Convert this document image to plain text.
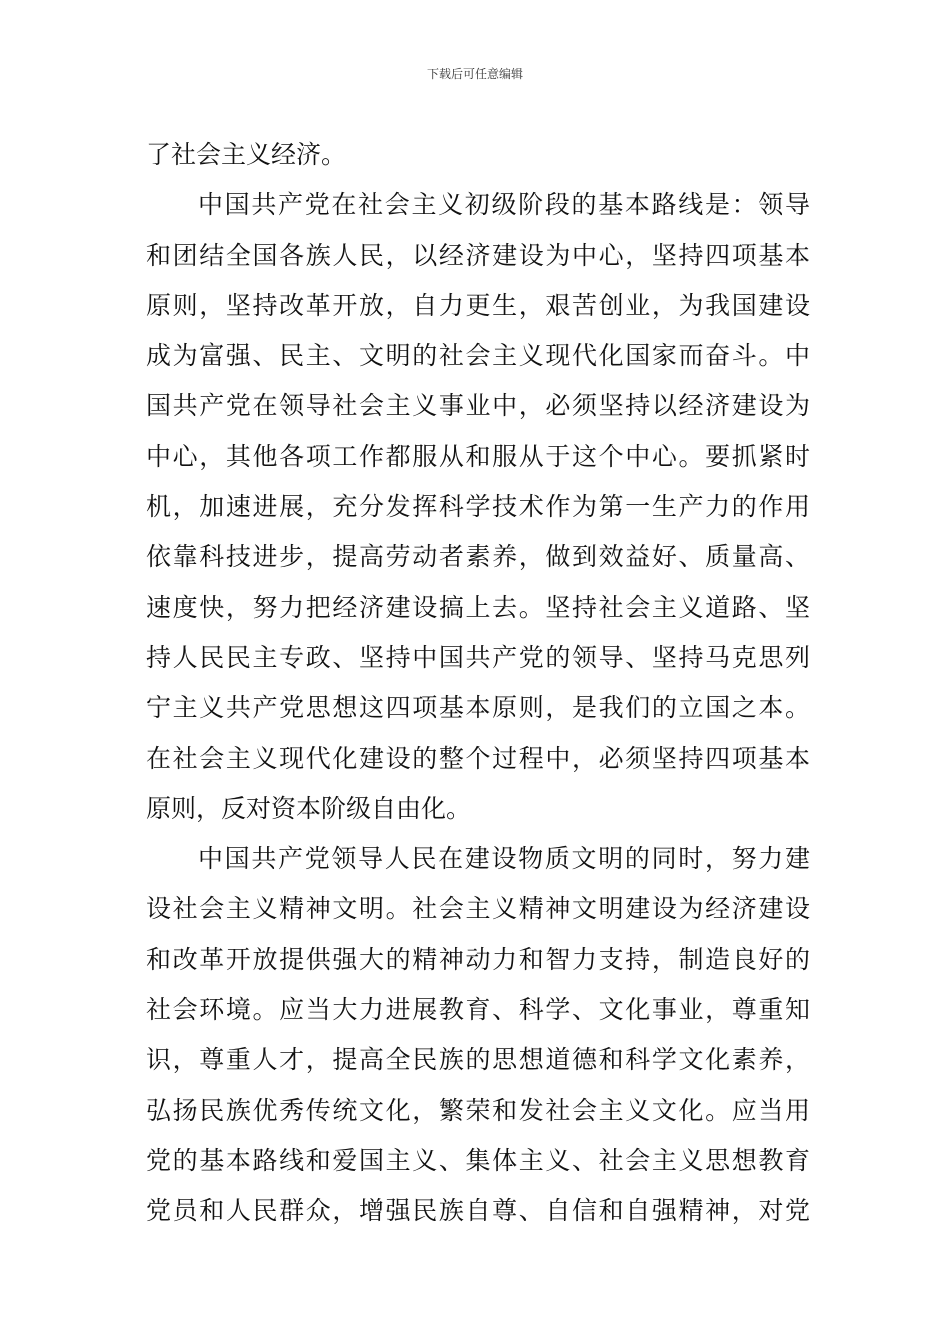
下载后可任意编辑
了社会主义经济。
中国共产党在社会主义初级阶段的基本路线是：领导
和团结全国各族人民，以经济建设为中心，坚持四项基本
原则，坚持改革开放，自力更生，艰苦创业，为我国建设
成为富强、民主、文明的社会主义现代化国家而奋斗。中
国共产党在领导社会主义事业中，必须坚持以经济建设为
中心，其他各项工作都服从和服从于这个中心。要抓紧时
机，加速进展，充分发挥科学技术作为第一生产力的作用
依靠科技进步，提高劳动者素养，做到效益好、质量高、
速度快，努力把经济建设搞上去。坚持社会主义道路、坚
持人民民主专政、坚持中国共产党的领导、坚持马克思列
宁主义共产党思想这四项基本原则，是我们的立国之本。
在社会主义现代化建设的整个过程中，必须坚持四项基本
原则，反对资本阶级自由化。
中国共产党领导人民在建设物质文明的同时，努力建
设社会主义精神文明。社会主义精神文明建设为经济建设
和改革开放提供强大的精神动力和智力支持，制造良好的
社会环境。应当大力进展教育、科学、文化事业，尊重知
识，尊重人才，提高全民族的思想道德和科学文化素养，
弘扬民族优秀传统文化，繁荣和发社会主义文化。应当用
党的基本路线和爱国主义、集体主义、社会主义思想教育
党员和人民群众，增强民族自尊、自信和自强精神，对党
